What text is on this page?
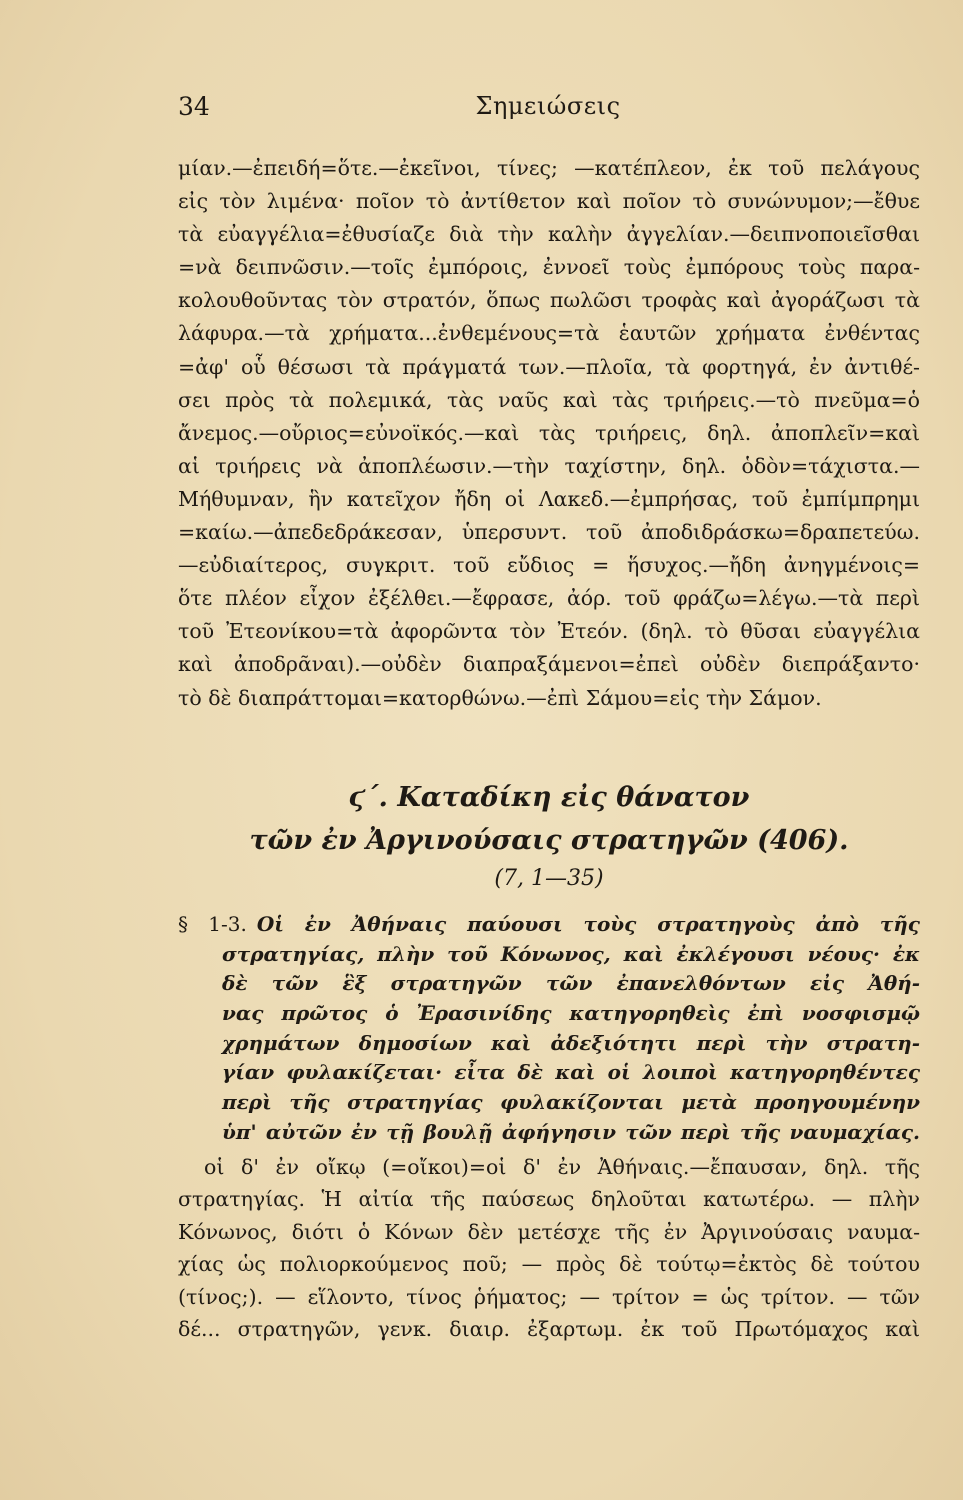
34	Σημειώσεις
μίαν.—ἐπειδή=ὅτε.—ἐκεῖνοι, τίνες; —κατέπλεον, ἐκ τοῦ πελάγους
εἰς τὸν λιμένα· ποῖον τὸ ἀντίθετον καὶ ποῖον τὸ συνώνυμον;—ἔθυε
τὰ εὐαγγέλια=ἐθυσίαζε διὰ τὴν καλὴν ἀγγελίαν.—δειπνοποιεῖσθαι
=νὰ δειπνῶσιν.—τοῖς ἐμπόροις, ἐννοεῖ τοὺς ἐμπόρους τοὺς παρα-
κολουθοῦντας τὸν στρατόν, ὅπως πωλῶσι τροφὰς καὶ ἀγοράζωσι τὰ
λάφυρα.—τὰ χρήματα...ἐνθεμένους=τὰ ἑαυτῶν χρήματα ἐνθέντας
=ἀφ' οὗ θέσωσι τὰ πράγματά των.—πλοῖα, τὰ φορτηγά, ἐν ἀντιθέ-
σει πρὸς τὰ πολεμικά, τὰς ναῦς καὶ τὰς τριήρεις.—τὸ πνεῦμα=ὁ
ἄνεμος.—οὔριος=εὐνοϊκός.—καὶ τὰς τριήρεις, δηλ. ἀποπλεῖν=καὶ
αἱ τριήρεις νὰ ἀποπλέωσιν.—τὴν ταχίστην, δηλ. ὁδὸν=τάχιστα.—
Μήθυμναν, ἣν κατεῖχον ἤδη οἱ Λακεδ.—ἐμπρήσας, τοῦ ἐμπίμπρημι
=καίω.—ἀπεδεδράκεσαν, ὑπερσυντ. τοῦ ἀποδιδράσκω=δραπετεύω.
—εὐδιαίτερος, συγκριτ. τοῦ εὔδιος = ἥσυχος.—ἤδη ἀνηγμένοις=
ὅτε πλέον εἶχον ἐξέλθει.—ἔφρασε, ἀόρ. τοῦ φράζω=λέγω.—τὰ περὶ
τοῦ Ἐτεονίκου=τὰ ἀφορῶντα τὸν Ἐτεόν. (δηλ. τὸ θῦσαι εὐαγγέλια
καὶ ἀποδρᾶναι).—οὐδὲν διαπραξάμενοι=ἐπεὶ οὐδὲν διεπράξαντο·
τὸ δὲ διαπράττομαι=κατορθώνω.—ἐπὶ Σάμου=εἰς τὴν Σάμον.
ϛ΄. Καταδίκη εἰς θάνατον
τῶν ἐν Ἀργινούσαις στρατηγῶν (406).
(7, 1—35)
§ 1-3. Οἱ ἐν Ἀθήναις παύουσι τοὺς στρατηγοὺς ἀπὸ τῆς
στρατηγίας, πλὴν τοῦ Κόνωνος, καὶ ἐκλέγουσι νέους· ἐκ
δὲ τῶν ἓξ στρατηγῶν τῶν ἐπανελθόντων εἰς Ἀθή-
νας πρῶτος ὁ Ἐρασινίδης κατηγορηθεὶς ἐπὶ νοσφισμῷ
χρημάτων δημοσίων καὶ ἀδεξιότητι περὶ τὴν στρατη-
γίαν φυλακίζεται· εἶτα δὲ καὶ οἱ λοιποὶ κατηγορηθέντες
περὶ τῆς στρατηγίας φυλακίζονται μετὰ προηγουμένην
ὑπ' αὐτῶν ἐν τῇ βουλῇ ἀφήγησιν τῶν περὶ τῆς ναυμαχίας.
οἱ δ' ἐν οἴκῳ (=οἴκοι)=οἱ δ' ἐν Ἀθήναις.—ἔπαυσαν, δηλ. τῆς
στρατηγίας. Ἡ αἰτία τῆς παύσεως δηλοῦται κατωτέρω. — πλὴν
Κόνωνος, διότι ὁ Κόνων δὲν μετέσχε τῆς ἐν Ἀργινούσαις ναυμα-
χίας ὡς πολιορκούμενος ποῦ; — πρὸς δὲ τούτῳ=ἐκτὸς δὲ τούτου
(τίνος;). — εἵλοντο, τίνος ῥήματος; — τρίτον = ὡς τρίτον. — τῶν
δέ... στρατηγῶν, γενκ. διαιρ. ἐξαρτωμ. ἐκ τοῦ Πρωτόμαχος καὶ
